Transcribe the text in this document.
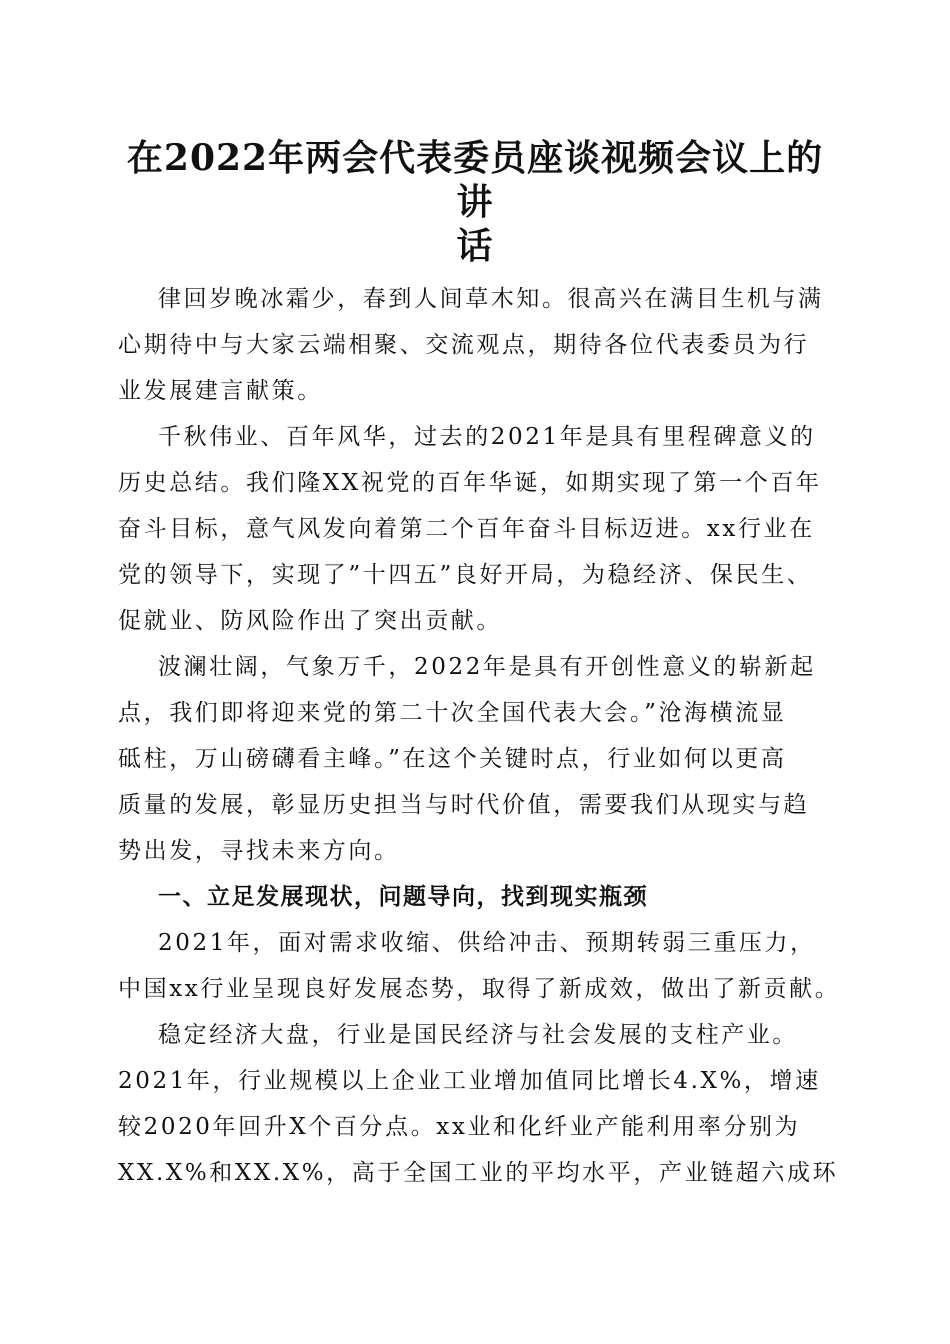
在2022年两会代表委员座谈视频会议上的讲
话
律回岁晚冰霜少，春到人间草木知。很高兴在满目生机与满
心期待中与大家云端相聚、交流观点，期待各位代表委员为行
业发展建言献策。
千秋伟业、百年风华，过去的2021年是具有里程碑意义的
历史总结。我们隆XX祝党的百年华诞，如期实现了第一个百年
奋斗目标，意气风发向着第二个百年奋斗目标迈进。xx行业在
党的领导下，实现了”十四五”良好开局，为稳经济、保民生、
促就业、防风险作出了突出贡献。
波澜壮阔，气象万千，2022年是具有开创性意义的崭新起
点，我们即将迎来党的第二十次全国代表大会。”沧海横流显
砥柱，万山磅礴看主峰。”在这个关键时点，行业如何以更高
质量的发展，彰显历史担当与时代价值，需要我们从现实与趋
势出发，寻找未来方向。
一、立足发展现状，问题导向，找到现实瓶颈
2021年，面对需求收缩、供给冲击、预期转弱三重压力，
中国xx行业呈现良好发展态势，取得了新成效，做出了新贡献。
稳定经济大盘，行业是国民经济与社会发展的支柱产业。
2021年，行业规模以上企业工业增加值同比增长4.X%，增速
较2020年回升X个百分点。xx业和化纤业产能利用率分别为
XX.X%和XX.X%，高于全国工业的平均水平，产业链超六成环
